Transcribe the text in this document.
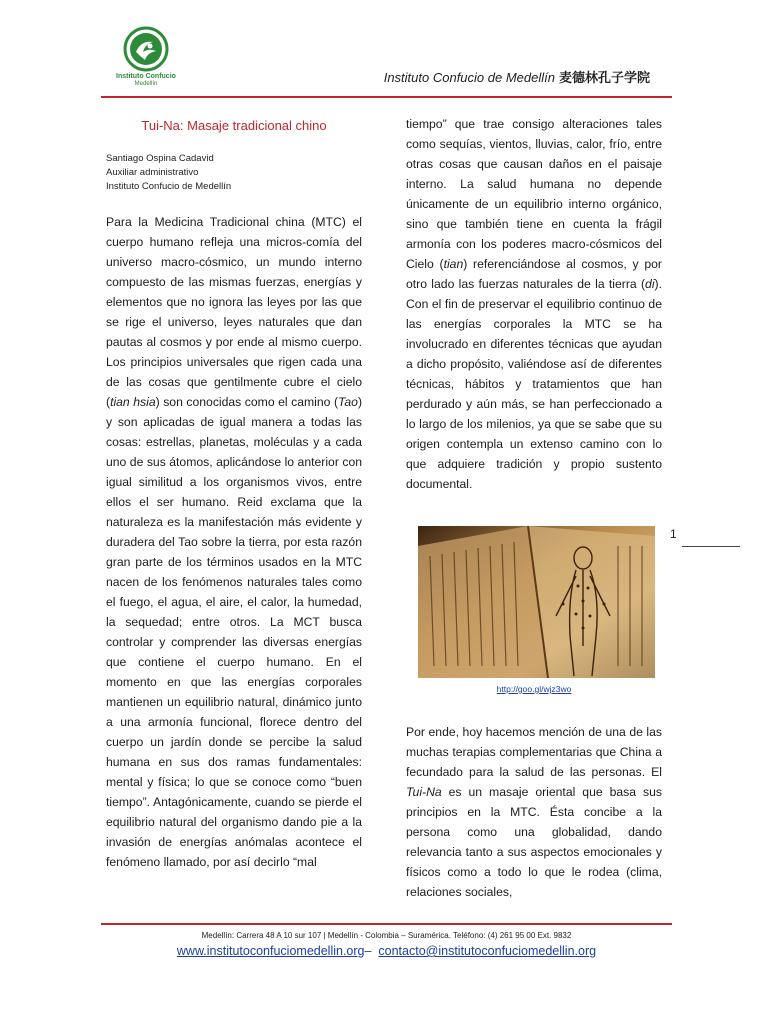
Instituto Confucio
Medellín	Instituto Confucio de Medellín 麦德林孔子学院
Tui-Na: Masaje tradicional chino
Santiago Ospina Cadavid
Auxiliar administrativo
Instituto Confucio de Medellín
Para la Medicina Tradicional china (MTC) el cuerpo humano refleja una micros-comía del universo macro-cósmico, un mundo interno compuesto de las mismas fuerzas, energías y elementos que no ignora las leyes por las que se rige el universo, leyes naturales que dan pautas al cosmos y por ende al mismo cuerpo. Los principios universales que rigen cada una de las cosas que gentilmente cubre el cielo (tian hsia) son conocidas como el camino (Tao) y son aplicadas de igual manera a todas las cosas: estrellas, planetas, moléculas y a cada uno de sus átomos, aplicándose lo anterior con igual similitud a los organismos vivos, entre ellos el ser humano. Reid exclama que la naturaleza es la manifestación más evidente y duradera del Tao sobre la tierra, por esta razón gran parte de los términos usados en la MTC nacen de los fenómenos naturales tales como el fuego, el agua, el aire, el calor, la humedad, la sequedad; entre otros. La MCT busca controlar y comprender las diversas energías que contiene el cuerpo humano. En el momento en que las energías corporales mantienen un equilibrio natural, dinámico junto a una armonía funcional, florece dentro del cuerpo un jardín donde se percibe la salud humana en sus dos ramas fundamentales: mental y física; lo que se conoce como “buen tiempo”. Antagónicamente, cuando se pierde el equilibrio natural del organismo dando pie a la invasión de energías anómalas acontece el fenómeno llamado, por así decirlo “mal
tiempo” que trae consigo alteraciones tales como sequías, vientos, lluvias, calor, frío, entre otras cosas que causan daños en el paisaje interno. La salud humana no depende únicamente de un equilibrio interno orgánico, sino que también tiene en cuenta la frágil armonía con los poderes macro-cósmicos del Cielo (tian) referenciándose al cosmos, y por otro lado las fuerzas naturales de la tierra (di). Con el fin de preservar el equilibrio continuo de las energías corporales la MTC se ha involucrado en diferentes técnicas que ayudan a dicho propósito, valiéndose así de diferentes técnicas, hábitos y tratamientos que han perdurado y aún más, se han perfeccionado a lo largo de los milenios, ya que se sabe que su origen contempla un extenso camino con lo que adquiere tradición y propio sustento documental.
http://goo.gl/wjz3wo
1
Por ende, hoy hacemos mención de una de las muchas terapias complementarias que China a fecundado para la salud de las personas. El Tui-Na es un masaje oriental que basa sus principios en la MTC. Ésta concibe a la persona como una globalidad, dando relevancia tanto a sus aspectos emocionales y físicos como a todo lo que le rodea (clima, relaciones sociales,
Medellín: Carrera 48 A 10 sur 107 | Medellín - Colombia – Suramérica. Teléfono: (4) 261 95 00 Ext. 9832
www.institutoconfuciomedellin.org– contacto@institutoconfuciomedellin.org
